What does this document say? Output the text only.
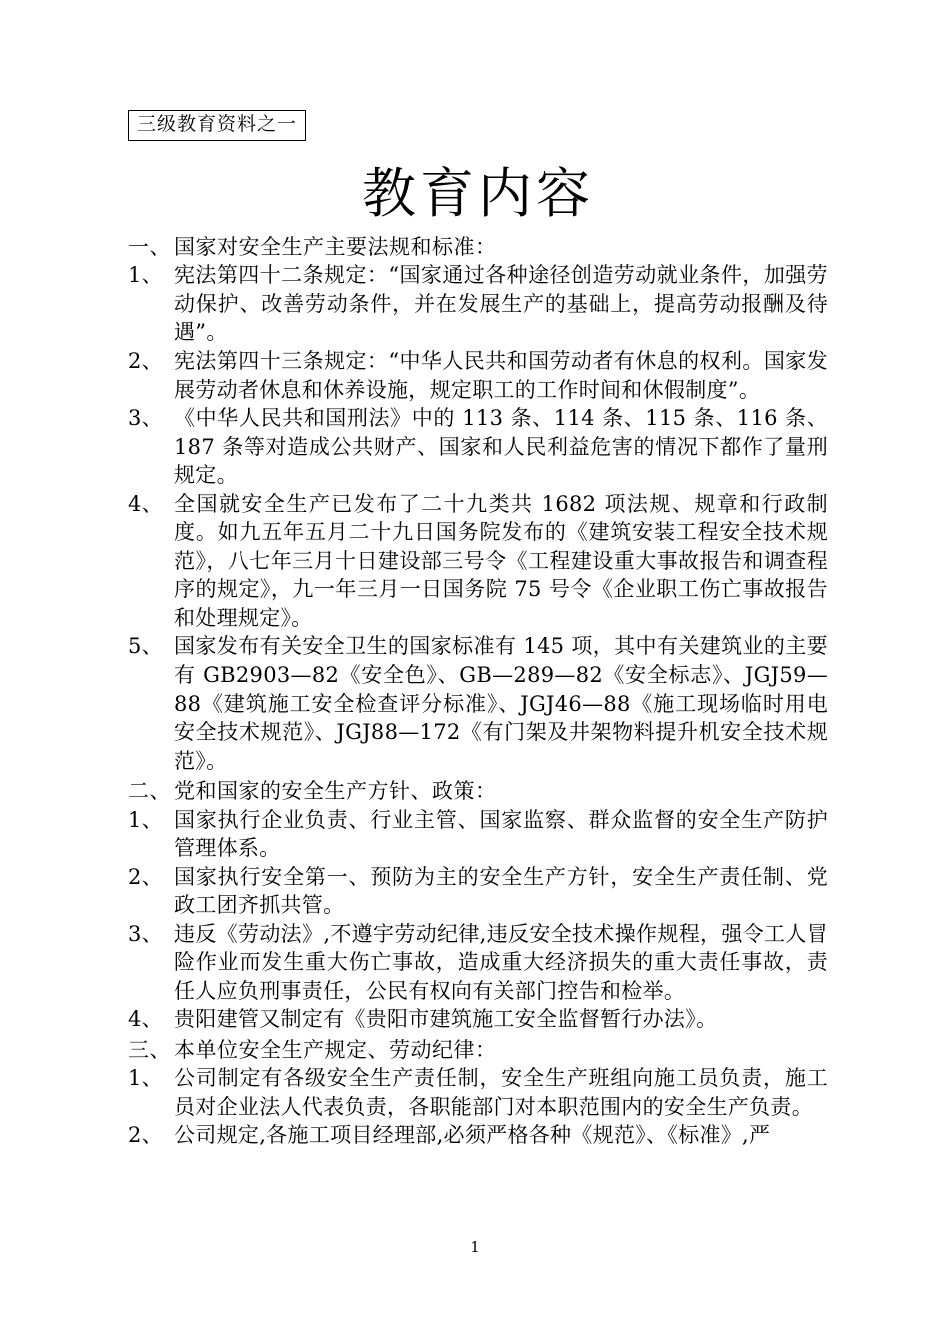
三级教育资料之一
教育内容
一、 国家对安全生产主要法规和标准：
1、 宪法第四十二条规定：“国家通过各种途径创造劳动就业条件，加强劳动保护、改善劳动条件，并在发展生产的基础上，提高劳动报酬及待遇”。
2、 宪法第四十三条规定：“中华人民共和国劳动者有休息的权利。国家发展劳动者休息和休养设施，规定职工的工作时间和休假制度”。
3、 《中华人民共和国刑法》中的 113 条、114 条、115 条、116 条、187 条等对造成公共财产、国家和人民利益危害的情况下都作了量刑规定。
4、 全国就安全生产已发布了二十九类共 1682 项法规、规章和行政制度。如九五年五月二十九日国务院发布的《建筑安装工程安全技术规范》，八七年三月十日建设部三号令《工程建设重大事故报告和调查程序的规定》，九一年三月一日国务院 75 号令《企业职工伤亡事故报告和处理规定》。
5、 国家发布有关安全卫生的国家标准有 145 项，其中有关建筑业的主要有 GB2903—82《安全色》、GB—289—82《安全标志》、JGJ59—88《建筑施工安全检查评分标准》、JGJ46—88《施工现场临时用电安全技术规范》、JGJ88—172《有门架及井架物料提升机安全技术规范》。
二、 党和国家的安全生产方针、政策：
1、 国家执行企业负责、行业主管、国家监察、群众监督的安全生产防护管理体系。
2、 国家执行安全第一、预防为主的安全生产方针，安全生产责任制、党政工团齐抓共管。
3、 违反《劳动法》,不遵宇劳动纪律,违反安全技术操作规程，强令工人冒险作业而发生重大伤亡事故，造成重大经济损失的重大责任事故，责任人应负刑事责任，公民有权向有关部门控告和检举。
4、 贵阳建管又制定有《贵阳市建筑施工安全监督暂行办法》。
三、 本单位安全生产规定、劳动纪律：
1、 公司制定有各级安全生产责任制，安全生产班组向施工员负责，施工员对企业法人代表负责，各职能部门对本职范围内的安全生产负责。
2、 公司规定,各施工项目经理部,必须严格各种《规范》、《标准》,严
1
